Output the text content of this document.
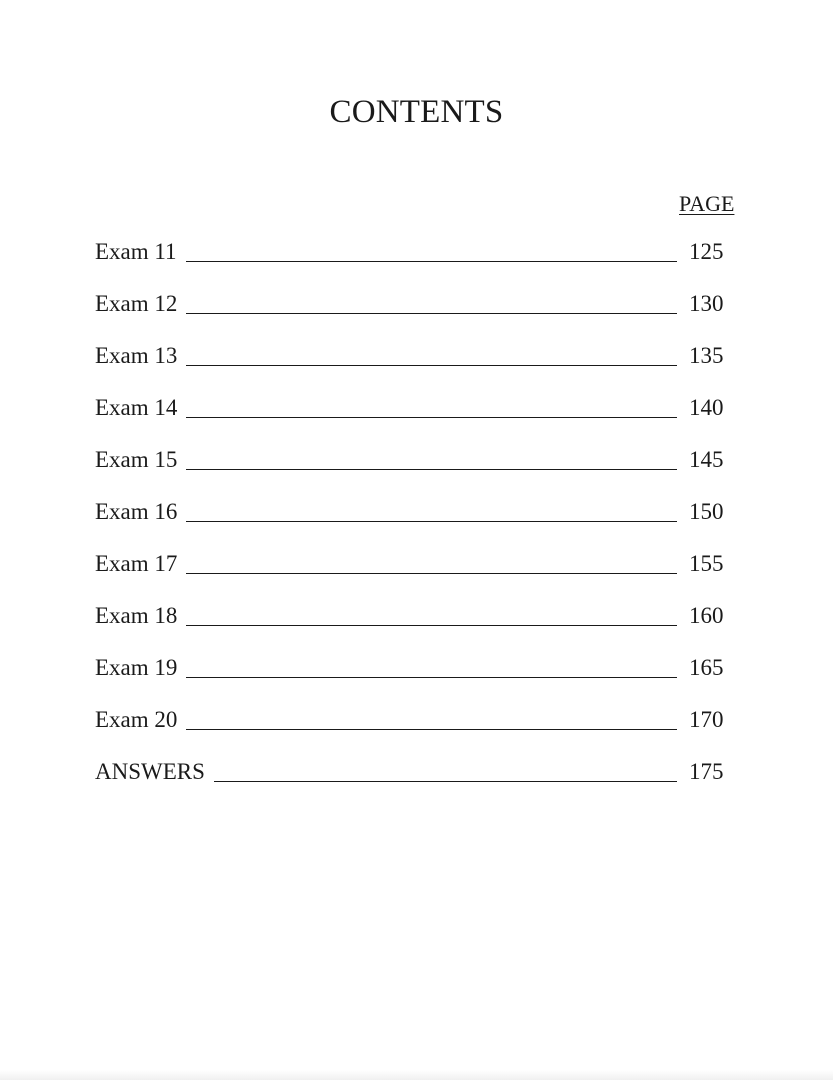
CONTENTS
PAGE
Exam 11	125
Exam 12	130
Exam 13	135
Exam 14	140
Exam 15	145
Exam 16	150
Exam 17	155
Exam 18	160
Exam 19	165
Exam 20	170
ANSWERS	175
